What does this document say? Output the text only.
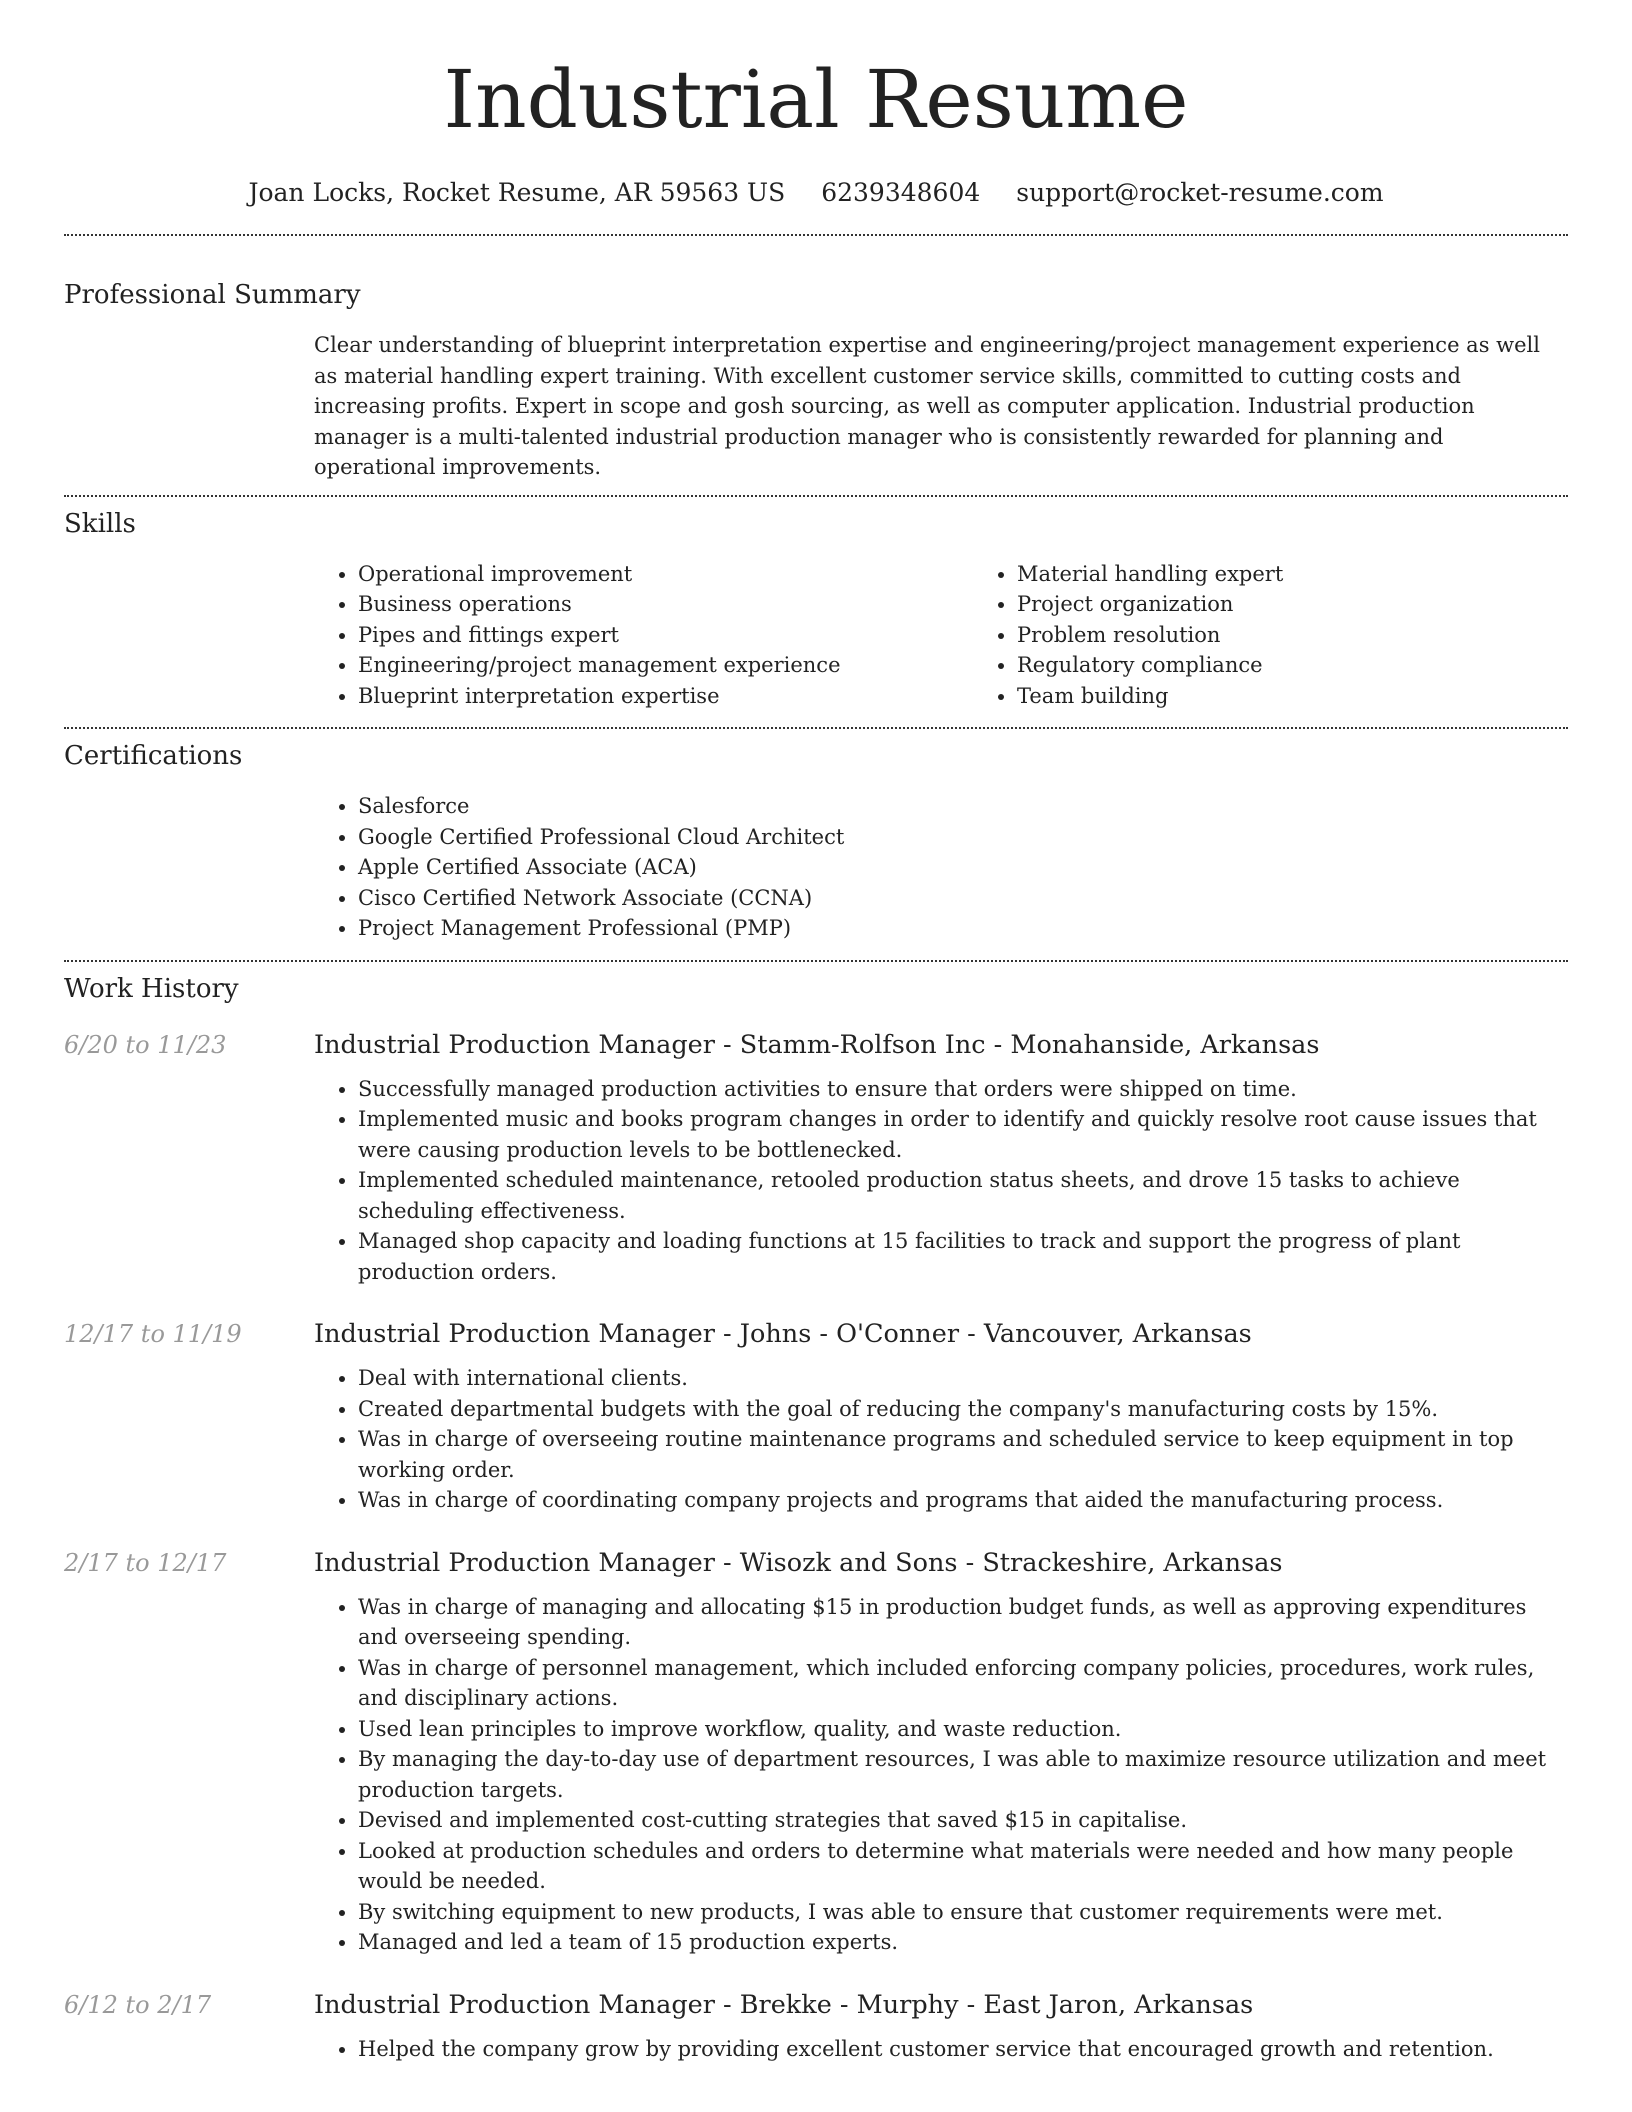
Industrial Resume
Joan Locks, Rocket Resume, AR 59563 US 6239348604 support@rocket-resume.com
Professional Summary
Clear understanding of blueprint interpretation expertise and engineering/project management experience as well as material handling expert training. With excellent customer service skills, committed to cutting costs and increasing profits. Expert in scope and gosh sourcing, as well as computer application. Industrial production manager is a multi-talented industrial production manager who is consistently rewarded for planning and operational improvements.
Skills
• Operational improvement
• Business operations
• Pipes and fittings expert
• Engineering/project management experience
• Blueprint interpretation expertise
• Material handling expert
• Project organization
• Problem resolution
• Regulatory compliance
• Team building
Certifications
• Salesforce
• Google Certified Professional Cloud Architect
• Apple Certified Associate (ACA)
• Cisco Certified Network Associate (CCNA)
• Project Management Professional (PMP)
Work History
6/20 to 11/23	Industrial Production Manager - Stamm-Rolfson Inc - Monahanside, Arkansas
• Successfully managed production activities to ensure that orders were shipped on time.
• Implemented music and books program changes in order to identify and quickly resolve root cause issues that were causing production levels to be bottlenecked.
• Implemented scheduled maintenance, retooled production status sheets, and drove 15 tasks to achieve scheduling effectiveness.
• Managed shop capacity and loading functions at 15 facilities to track and support the progress of plant production orders.
12/17 to 11/19	Industrial Production Manager - Johns - O'Conner - Vancouver, Arkansas
• Deal with international clients.
• Created departmental budgets with the goal of reducing the company's manufacturing costs by 15%.
• Was in charge of overseeing routine maintenance programs and scheduled service to keep equipment in top working order.
• Was in charge of coordinating company projects and programs that aided the manufacturing process.
2/17 to 12/17	Industrial Production Manager - Wisozk and Sons - Strackeshire, Arkansas
• Was in charge of managing and allocating $15 in production budget funds, as well as approving expenditures and overseeing spending.
• Was in charge of personnel management, which included enforcing company policies, procedures, work rules, and disciplinary actions.
• Used lean principles to improve workflow, quality, and waste reduction.
• By managing the day-to-day use of department resources, I was able to maximize resource utilization and meet production targets.
• Devised and implemented cost-cutting strategies that saved $15 in capitalise.
• Looked at production schedules and orders to determine what materials were needed and how many people would be needed.
• By switching equipment to new products, I was able to ensure that customer requirements were met.
• Managed and led a team of 15 production experts.
6/12 to 2/17	Industrial Production Manager - Brekke - Murphy - East Jaron, Arkansas
• Helped the company grow by providing excellent customer service that encouraged growth and retention.
